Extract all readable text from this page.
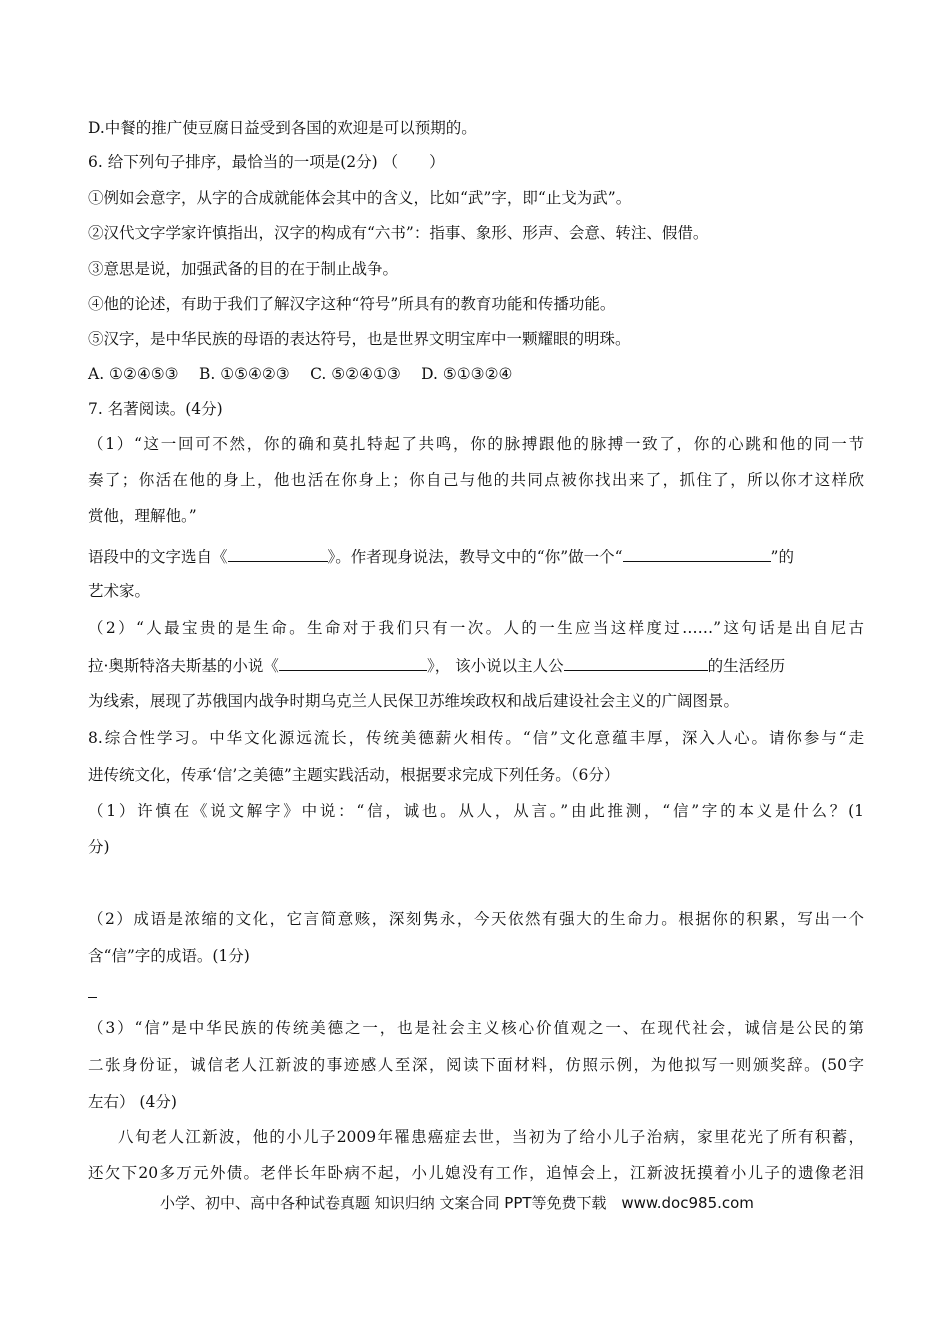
D.中餐的推广使豆腐日益受到各国的欢迎是可以预期的。
6. 给下列句子排序，最恰当的一项是(2分) （　　）
①例如会意字，从字的合成就能体会其中的含义，比如“武”字，即“止戈为武”。
②汉代文字学家许慎指出，汉字的构成有“六书”：指事、象形、形声、会意、转注、假借。
③意思是说，加强武备的目的在于制止战争。
④他的论述，有助于我们了解汉字这种“符号”所具有的教育功能和传播功能。
⑤汉字，是中华民族的母语的表达符号，也是世界文明宝库中一颗耀眼的明珠。
A. ①②④⑤③　 B. ①⑤④②③　 C. ⑤②④①③　 D. ⑤①③②④
7. 名著阅读。(4分)
（1）“这一回可不然，你的确和莫扎特起了共鸣，你的脉搏跟他的脉搏一致了，你的心跳和他的同一节
奏了；你活在他的身上，他也活在你身上；你自己与他的共同点被你找出来了，抓住了，所以你才这样欣
赏他，理解他。”
语段中的文字选自《	》。作者现身说法，教导文中的“你”做一个“	”的
艺术家。
（2）“人最宝贵的是生命。生命对于我们只有一次。人的一生应当这样度过……”这句话是出自尼古
拉·奥斯特洛夫斯基的小说《	》， 该小说以主人公	的生活经历
为线索，展现了苏俄国内战争时期乌克兰人民保卫苏维埃政权和战后建设社会主义的广阔图景。
8.综合性学习。中华文化源远流长，传统美德薪火相传。“信”文化意蕴丰厚，深入人心。请你参与“走
进传统文化，传承‘信’之美德”主题实践活动，根据要求完成下列任务。（6分）
（1）许慎在《说文解字》中说：“信，诚也。从人，从言。”由此推测，“信”字的本义是什么？(1
分)
（2）成语是浓缩的文化，它言简意赅，深刻隽永，今天依然有强大的生命力。根据你的积累，写出一个
含“信”字的成语。(1分)
（3）“信”是中华民族的传统美德之一，也是社会主义核心价值观之一、在现代社会，诚信是公民的第
二张身份证，诚信老人江新波的事迹感人至深，阅读下面材料，仿照示例，为他拟写一则颁奖辞。(50字
左右） (4分)
八旬老人江新波，他的小儿子2009年罹患癌症去世，当初为了给小儿子治病，家里花光了所有积蓄，
还欠下20多万元外债。老伴长年卧病不起，小儿媳没有工作，追悼会上，江新波抚摸着小儿子的遗像老泪
小学、初中、高中各种试卷真题 知识归纳 文案合同 PPT等免费下载 www.doc985.com
